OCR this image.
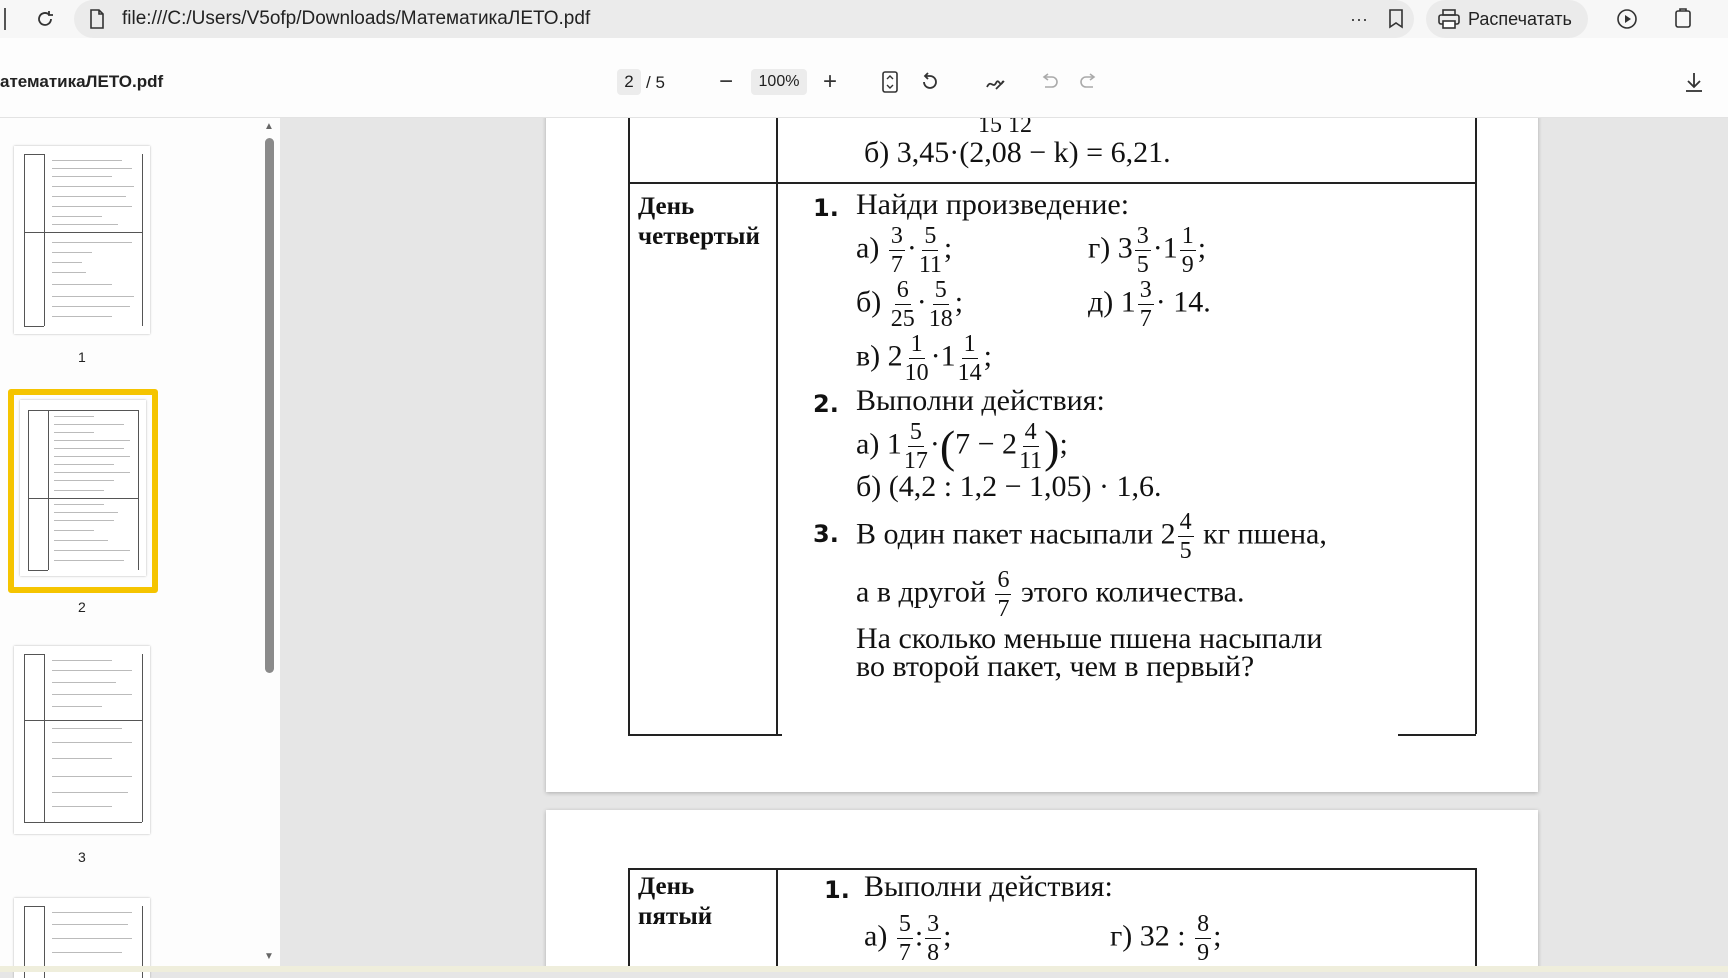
···
file:///C:/Users/V5ofp/Downloads/МатематикаЛЕТО.pdf	Распечатать
атематикаЛЕТО.pdf	2 / 5 −	100% +
1
2
3
▲
▼
15 12
б) 3,45·(2,08 − k) = 6,21.
День
четвертый
1. Найди произведение:
$а) \frac{3}{7} \cdot \frac{5}{11}$ ;	г) $3 \frac{3}{5} \cdot 1 \frac{1}{9}$ ;
$б) \frac{6}{25} \cdot \frac{5}{18}$ ;	д) $1 \frac{3}{7} \cdot 14$.
в) $2 \frac{1}{10} \cdot 1 \frac{1}{14}$ ;
2. Выполни действия:
а) $1 \frac{5}{17} \cdot(7 - 2 \frac{4}{11}$ );
б) (4,2 : 1,2 − 1,05) · 1,6.
3. В один пакет насыпали $2 \frac{4}{5}$ кг пшена,
а в другой $\frac{6}{7}$ этого количества.
На сколько меньше пшена насыпали
во второй пакет, чем в первый?
День
пятый
1. Выполни действия:
$а) \frac{5}{7}$ : $\frac{3}{8}$ ;	г) 32 : $\frac{8}{9}$ ;
